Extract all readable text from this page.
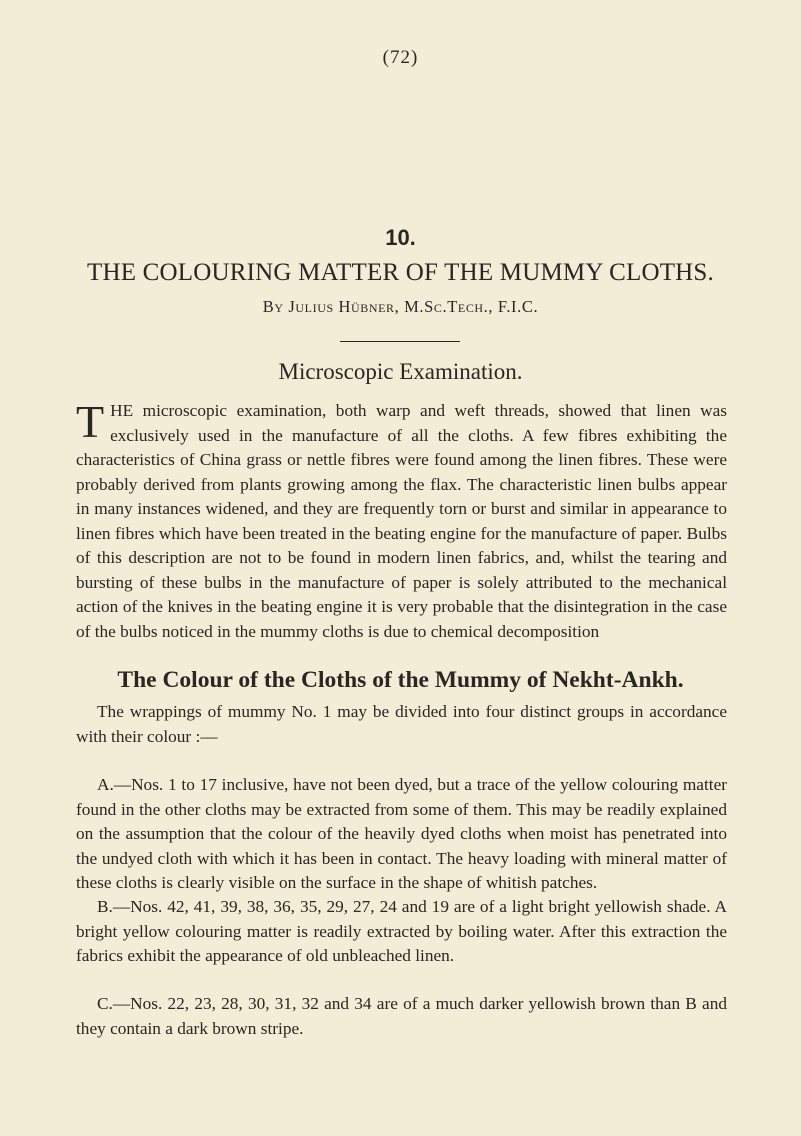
(72)
10.
THE COLOURING MATTER OF THE MUMMY CLOTHS.
By Julius Hübner, M.Sc.Tech., F.I.C.
Microscopic Examination.

THE microscopic examination, both warp and weft threads, showed that linen was exclusively used in the manufacture of all the cloths. A few fibres exhibiting the characteristics of China grass or nettle fibres were found among the linen fibres. These were probably derived from plants growing among the flax. The characteristic linen bulbs appear in many instances widened, and they are frequently torn or burst and similar in appearance to linen fibres which have been treated in the beating engine for the manufacture of paper. Bulbs of this description are not to be found in modern linen fabrics, and, whilst the tearing and bursting of these bulbs in the manufacture of paper is solely attributed to the mechanical action of the knives in the beating engine it is very probable that the disintegration in the case of the bulbs noticed in the mummy cloths is due to chemical decomposition

The Colour of the Cloths of the Mummy of Nekht-Ankh.

The wrappings of mummy No. 1 may be divided into four distinct groups in accordance with their colour :—

A.—Nos. 1 to 17 inclusive, have not been dyed, but a trace of the yellow colouring matter found in the other cloths may be extracted from some of them. This may be readily explained on the assumption that the colour of the heavily dyed cloths when moist has penetrated into the undyed cloth with which it has been in contact. The heavy loading with mineral matter of these cloths is clearly visible on the surface in the shape of whitish patches.

B.—Nos. 42, 41, 39, 38, 36, 35, 29, 27, 24 and 19 are of a light bright yellowish shade. A bright yellow colouring matter is readily extracted by boiling water. After this extraction the fabrics exhibit the appearance of old unbleached linen.

C.—Nos. 22, 23, 28, 30, 31, 32 and 34 are of a much darker yellowish brown than B and they contain a dark brown stripe.
